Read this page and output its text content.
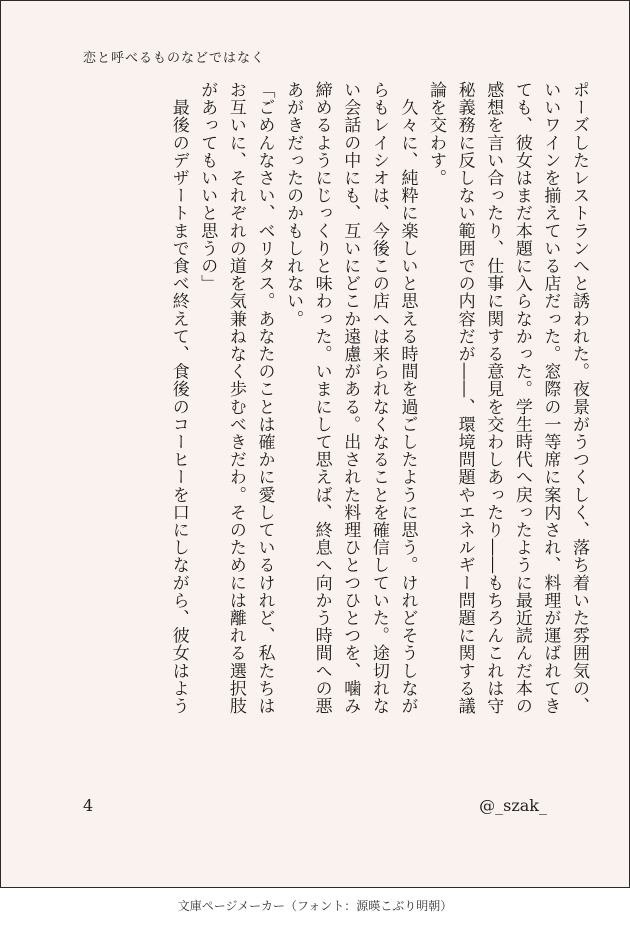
恋と呼べるものなどではなく
ポーズしたレストランへと誘われた。夜景がうつくしく、落ち着いた雰囲気の、
いいワインを揃えている店だった。窓際の一等席に案内され、料理が運ばれてき
ても、彼女はまだ本題に入らなかった。学生時代へ戻ったように最近読んだ本の
感想を言い合ったり、仕事に関する意見を交わしあったり――もちろんこれは守
秘義務に反しない範囲での内容だが――、環境問題やエネルギー問題に関する議
論を交わす。
　久々に、純粋に楽しいと思える時間を過ごしたように思う。けれどそうしなが
らもレイシオは、今後この店へは来られなくなることを確信していた。途切れな
い会話の中にも、互いにどこか遠慮がある。出された料理ひとつひとつを、噛み
締めるようにじっくりと味わった。いまにして思えば、終息へ向かう時間への悪
あがきだったのかもしれない。
「ごめんなさい、ベリタス。あなたのことは確かに愛しているけれど、私たちは
お互いに、それぞれの道を気兼ねなく歩むべきだわ。そのためには離れる選択肢
があってもいいと思うの」
　最後のデザートまで食べ終えて、食後のコーヒーを口にしながら、彼女はよう
4	@_szak_
文庫ページメーカー（フォント：源暎こぶり明朝）
